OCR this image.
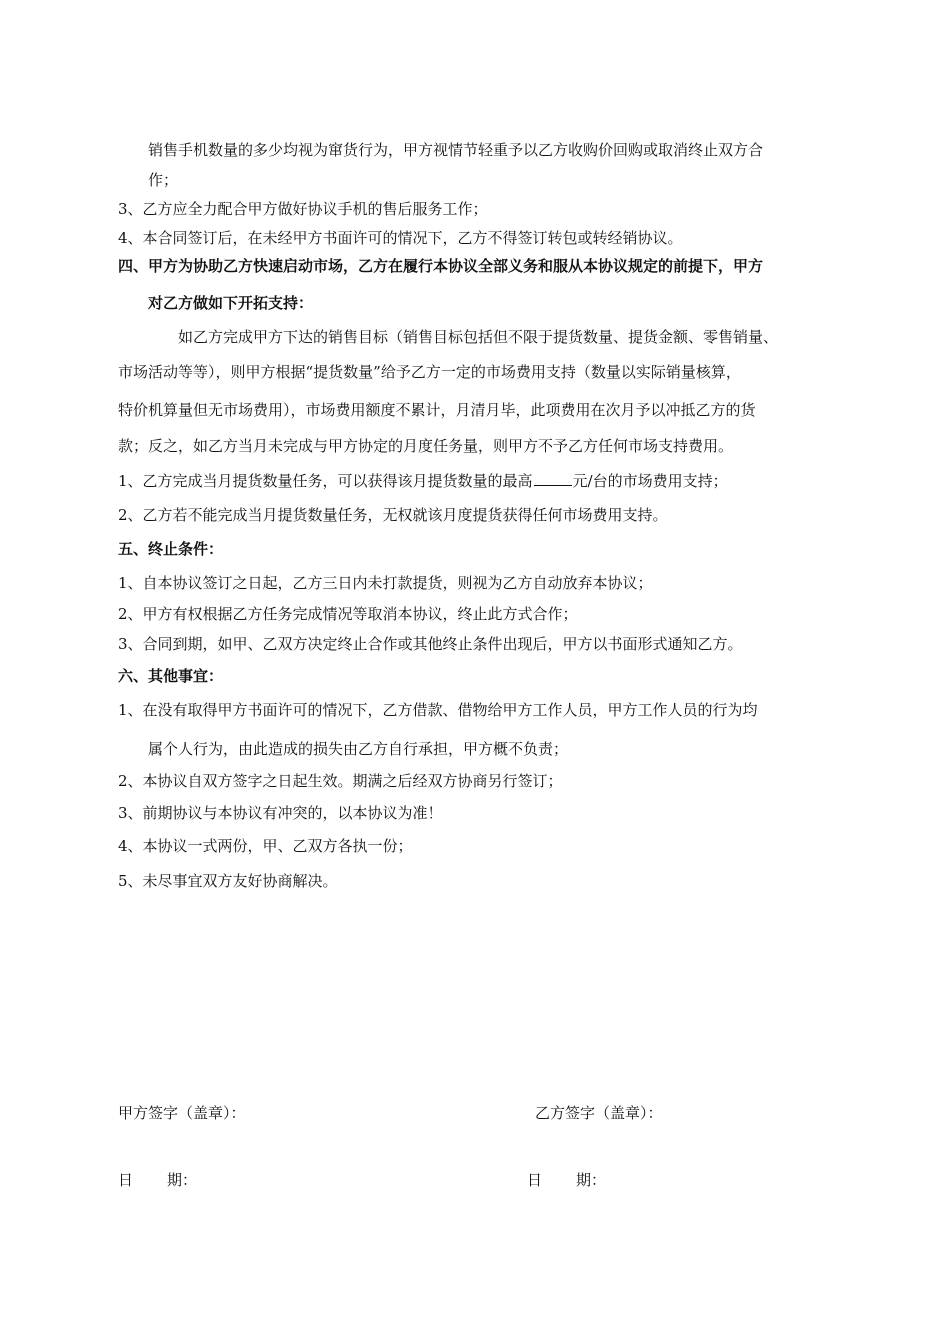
销售手机数量的多少均视为窜货行为，甲方视情节轻重予以乙方收购价回购或取消终止双方合
作；
3、乙方应全力配合甲方做好协议手机的售后服务工作；
4、本合同签订后，在未经甲方书面许可的情况下，乙方不得签订转包或转经销协议。
四、甲方为协助乙方快速启动市场，乙方在履行本协议全部义务和服从本协议规定的前提下，甲方
对乙方做如下开拓支持：
如乙方完成甲方下达的销售目标（销售目标包括但不限于提货数量、提货金额、零售销量、
市场活动等等），则甲方根据“提货数量”给予乙方一定的市场费用支持（数量以实际销量核算，
特价机算量但无市场费用），市场费用额度不累计，月清月毕，此项费用在次月予以冲抵乙方的货
款；反之，如乙方当月未完成与甲方协定的月度任务量，则甲方不予乙方任何市场支持费用。
1、乙方完成当月提货数量任务，可以获得该月提货数量的最高	元/台的市场费用支持；
2、乙方若不能完成当月提货数量任务，无权就该月度提货获得任何市场费用支持。
五、终止条件：
1、自本协议签订之日起，乙方三日内未打款提货，则视为乙方自动放弃本协议；
2、甲方有权根据乙方任务完成情况等取消本协议，终止此方式合作；
3、合同到期，如甲、乙双方决定终止合作或其他终止条件出现后，甲方以书面形式通知乙方。
六、其他事宜：
1、在没有取得甲方书面许可的情况下，乙方借款、借物给甲方工作人员，甲方工作人员的行为均
属个人行为，由此造成的损失由乙方自行承担，甲方概不负责；
2、本协议自双方签字之日起生效。期满之后经双方协商另行签订；
3、前期协议与本协议有冲突的，以本协议为准！
4、本协议一式两份，甲、乙双方各执一份；
5、未尽事宜双方友好协商解决。
甲方签字（盖章）：	乙方签字（盖章）：
日 期：	日 期：
